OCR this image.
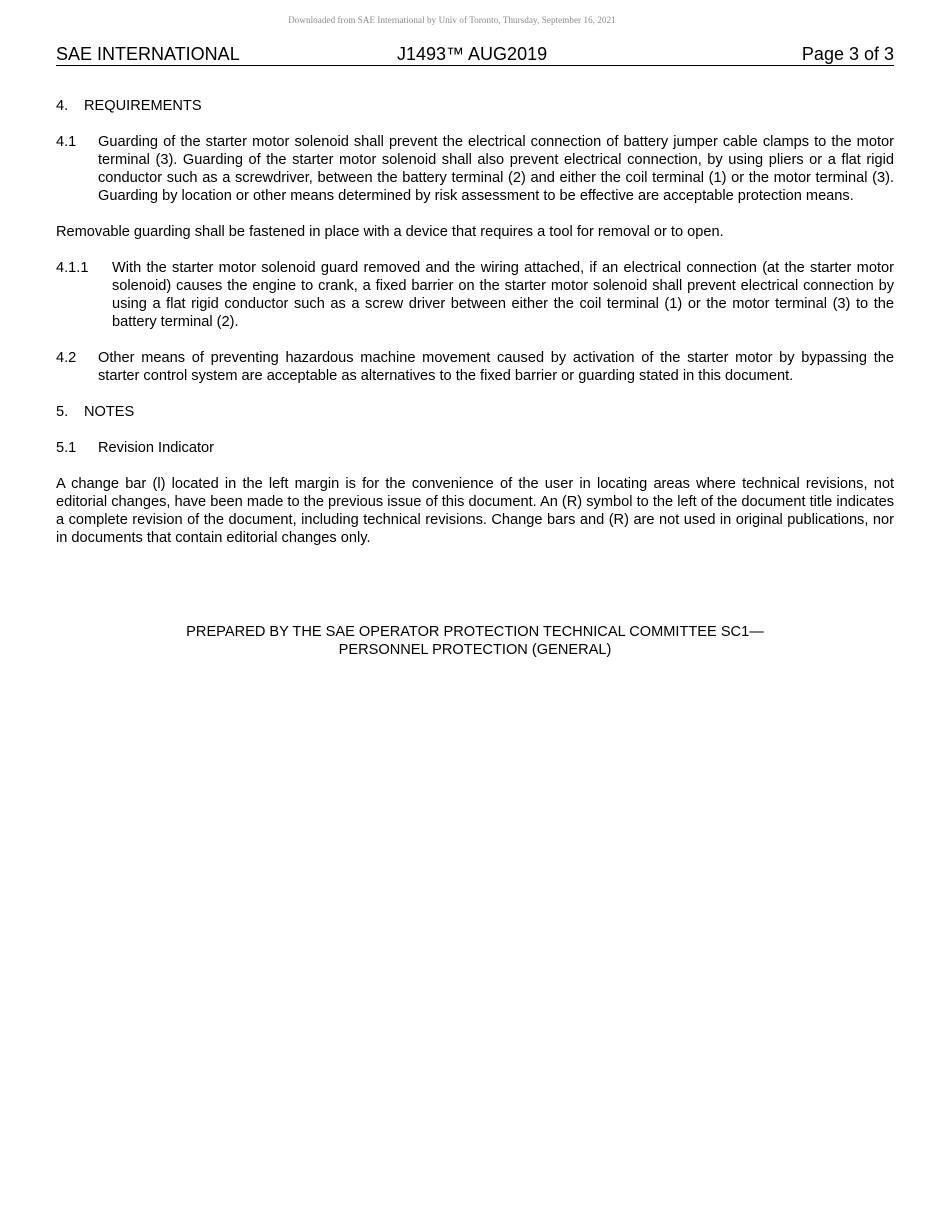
Downloaded from SAE International by Univ of Toronto, Thursday, September 16, 2021
SAE INTERNATIONAL	J1493™ AUG2019	Page 3 of 3
4.	REQUIREMENTS
4.1 Guarding of the starter motor solenoid shall prevent the electrical connection of battery jumper cable clamps to the motor terminal (3). Guarding of the starter motor solenoid shall also prevent electrical connection, by using pliers or a flat rigid conductor such as a screwdriver, between the battery terminal (2) and either the coil terminal (1) or the motor terminal (3). Guarding by location or other means determined by risk assessment to be effective are acceptable protection means.
Removable guarding shall be fastened in place with a device that requires a tool for removal or to open.
4.1.1 With the starter motor solenoid guard removed and the wiring attached, if an electrical connection (at the starter motor solenoid) causes the engine to crank, a fixed barrier on the starter motor solenoid shall prevent electrical connection by using a flat rigid conductor such as a screw driver between either the coil terminal (1) or the motor terminal (3) to the battery terminal (2).
4.2 Other means of preventing hazardous machine movement caused by activation of the starter motor by bypassing the starter control system are acceptable as alternatives to the fixed barrier or guarding stated in this document.
5.	NOTES
5.1	Revision Indicator
A change bar (l) located in the left margin is for the convenience of the user in locating areas where technical revisions, not editorial changes, have been made to the previous issue of this document. An (R) symbol to the left of the document title indicates a complete revision of the document, including technical revisions. Change bars and (R) are not used in original publications, nor in documents that contain editorial changes only.
PREPARED BY THE SAE OPERATOR PROTECTION TECHNICAL COMMITTEE SC1—
PERSONNEL PROTECTION (GENERAL)
